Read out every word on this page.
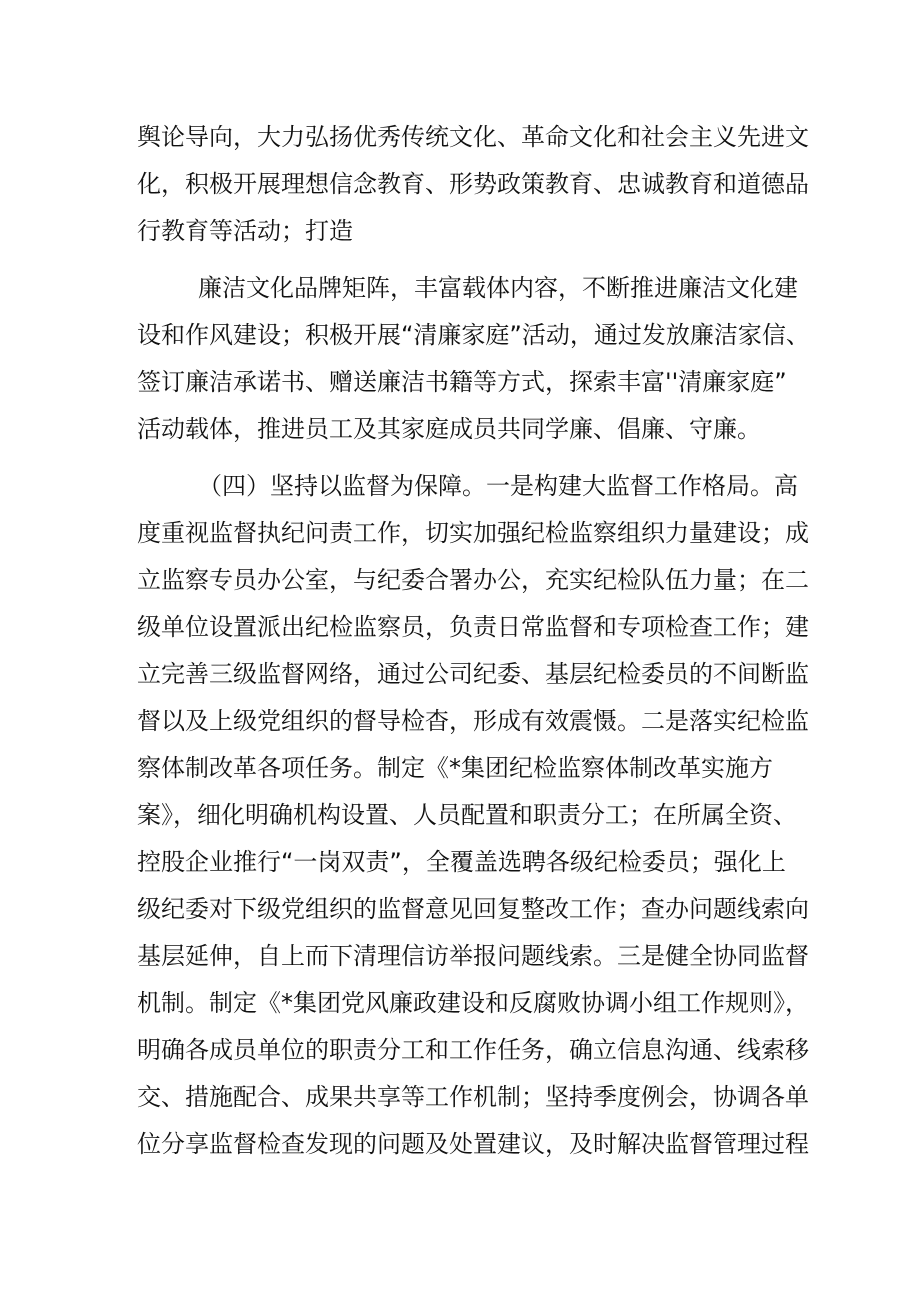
舆论导向，大力弘扬优秀传统文化、革命文化和社会主义先进文
化，积极开展理想信念教育、形势政策教育、忠诚教育和道德品
行教育等活动；打造
廉洁文化品牌矩阵，丰富载体内容，不断推进廉洁文化建
设和作风建设；积极开展“清廉家庭”活动，通过发放廉洁家信、
签订廉洁承诺书、赠送廉洁书籍等方式，探索丰富''清廉家庭”
活动载体，推进员工及其家庭成员共同学廉、倡廉、守廉。
（四）坚持以监督为保障。一是构建大监督工作格局。高
度重视监督执纪问责工作，切实加强纪检监察组织力量建设；成
立监察专员办公室，与纪委合署办公，充实纪检队伍力量；在二
级单位设置派出纪检监察员，负责日常监督和专项检查工作；建
立完善三级监督网络，通过公司纪委、基层纪检委员的不间断监
督以及上级党组织的督导检杳，形成有效震慑。二是落实纪检监
察体制改革各项任务。制定《*集团纪检监察体制改革实施方
案》，细化明确机构设置、人员配置和职责分工；在所属全资、
控股企业推行“一岗双责”，全覆盖选聘各级纪检委员；强化上
级纪委对下级党组织的监督意见回复整改工作；查办问题线索向
基层延伸，自上而下清理信访举报问题线索。三是健全协同监督
机制。制定《*集团党风廉政建设和反腐败协调小组工作规则》，
明确各成员单位的职责分工和工作任务，确立信息沟通、线索移
交、措施配合、成果共享等工作机制；坚持季度例会，协调各单
位分享监督检查发现的问题及处置建议，及时解决监督管理过程
